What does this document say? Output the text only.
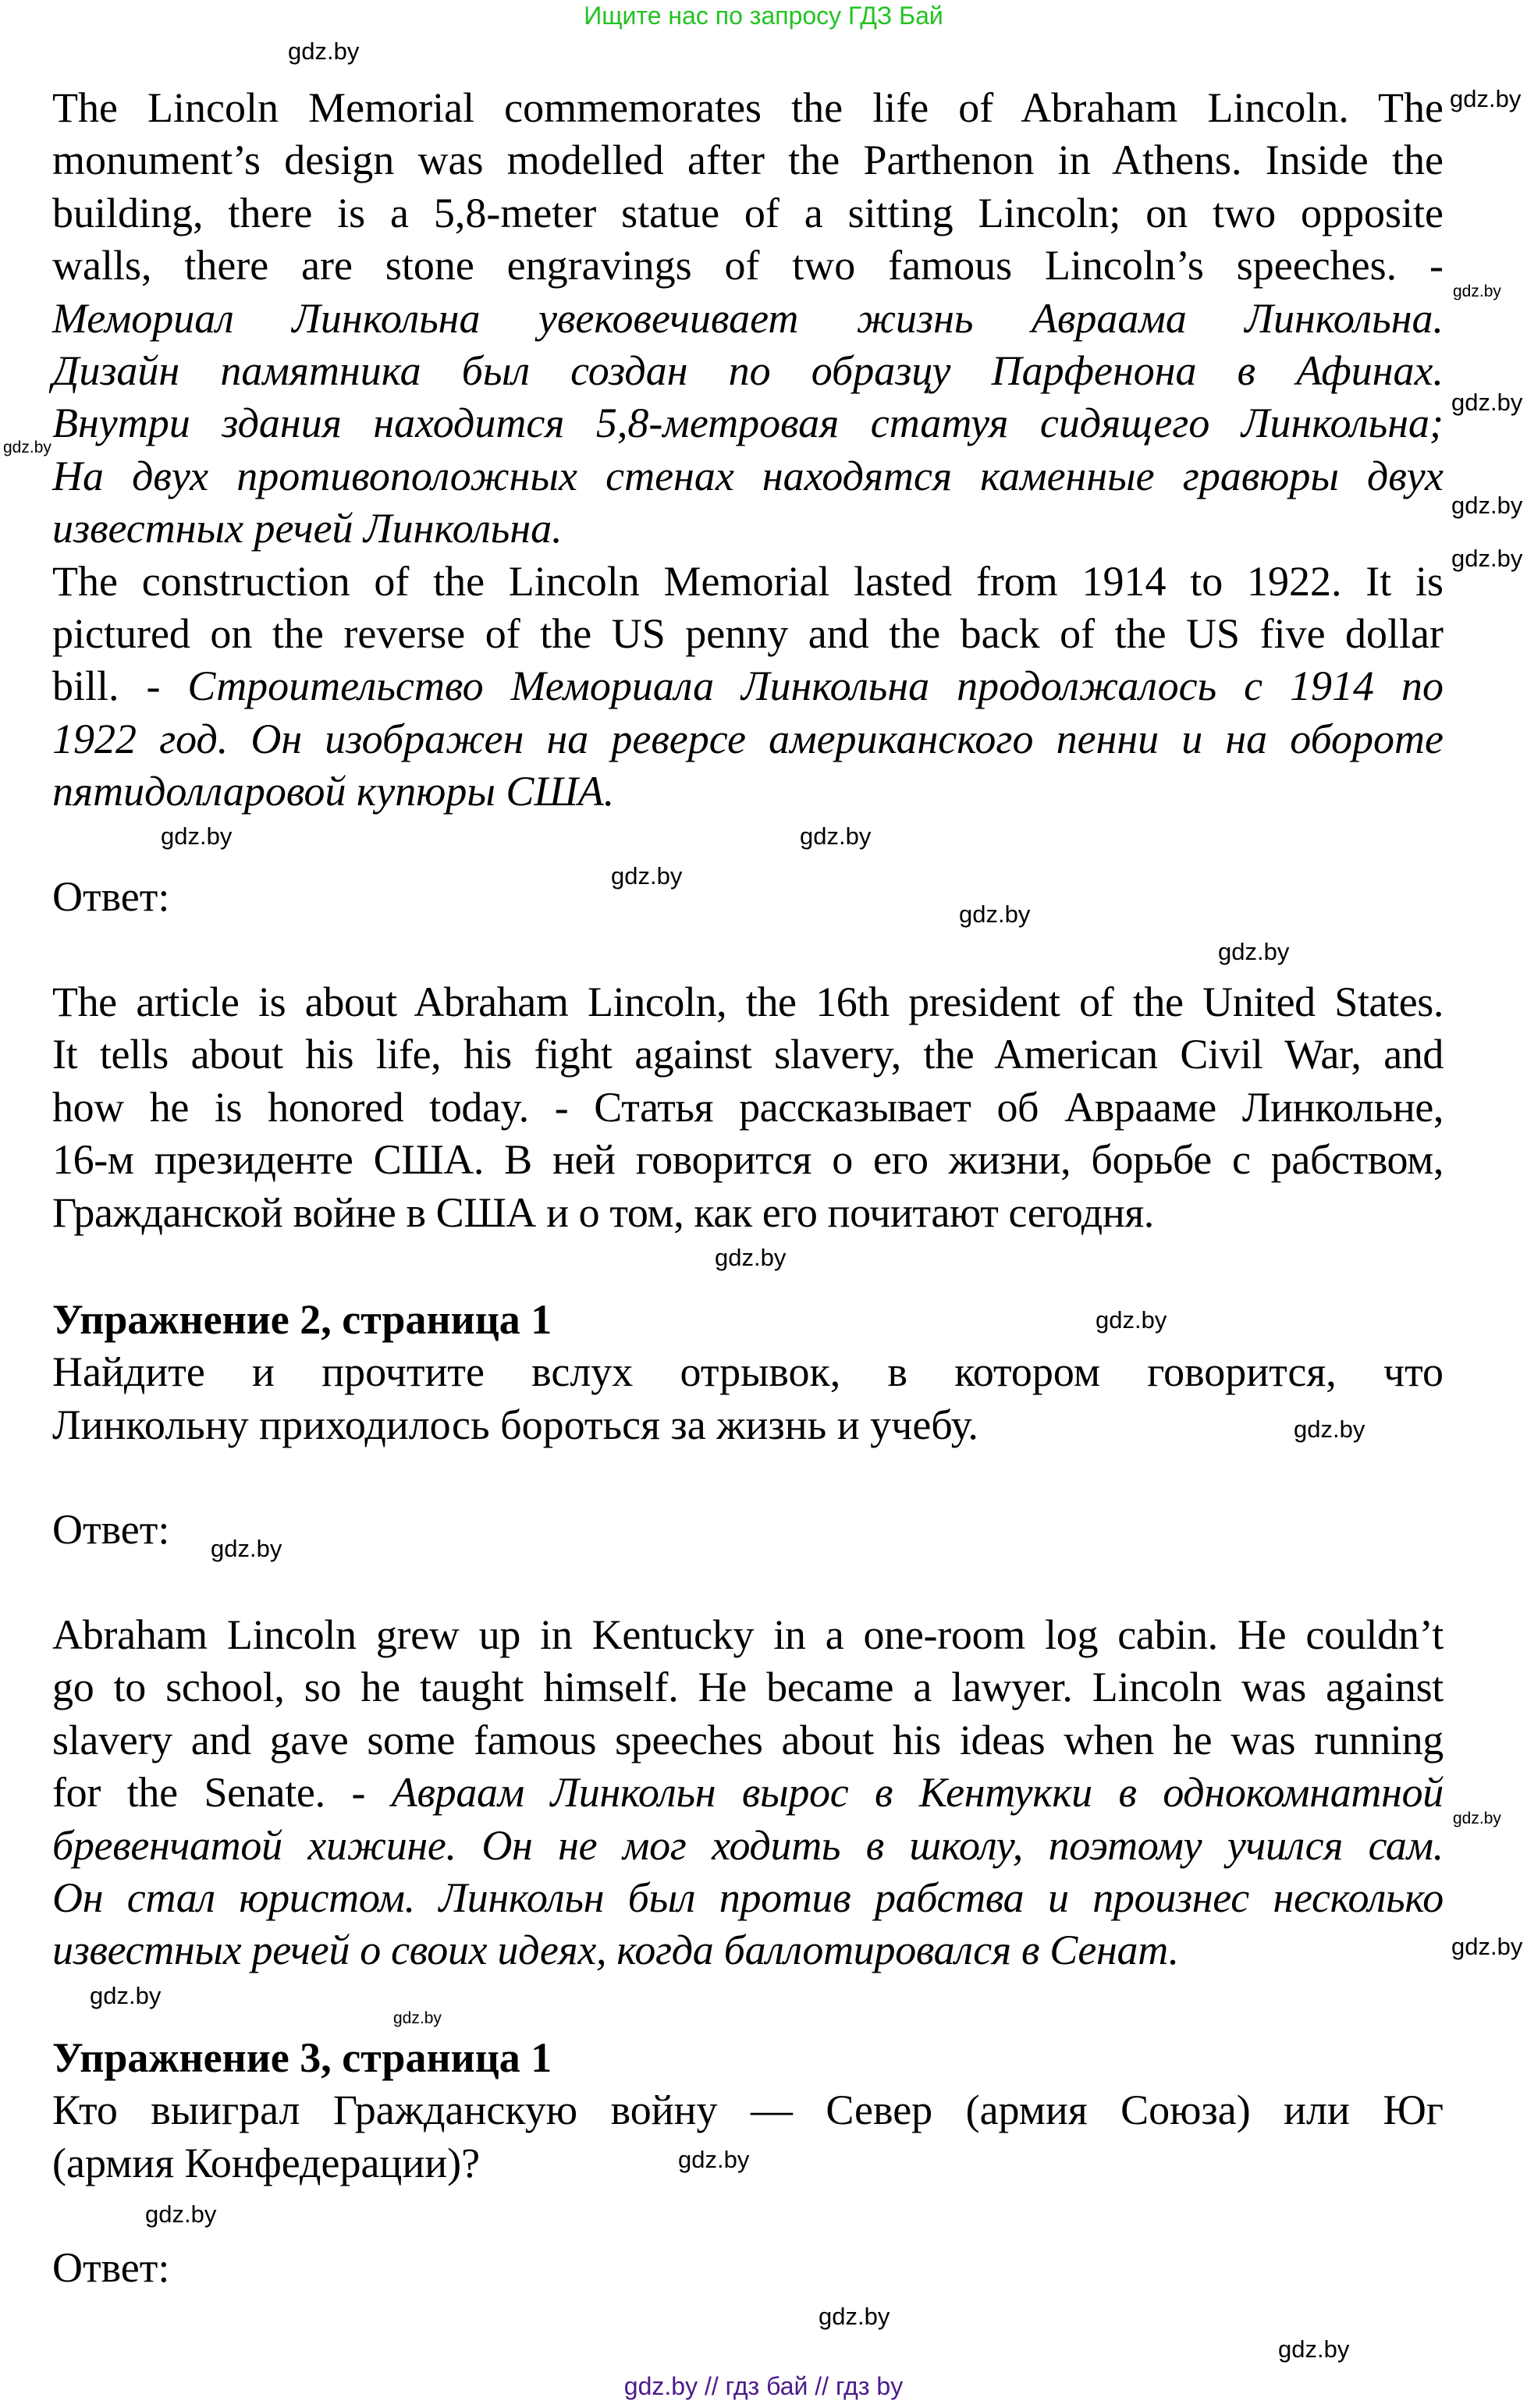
Ищите нас по запросу ГДЗ Бай
The Lincoln Memorial commemorates the life of Abraham Lincoln. The
monument’s design was modelled after the Parthenon in Athens. Inside the
building, there is a 5,8-meter statue of a sitting Lincoln; on two opposite
walls, there are stone engravings of two famous Lincoln’s speeches. -
Мемориал Линкольна увековечивает жизнь Авраама Линкольна.
Дизайн памятника был создан по образцу Парфенона в Афинах.
Внутри здания находится 5,8-метровая статуя сидящего Линкольна;
На двух противоположных стенах находятся каменные гравюры двух
известных речей Линкольна.
The construction of the Lincoln Memorial lasted from 1914 to 1922. It is
pictured on the reverse of the US penny and the back of the US five dollar
bill. - Строительство Мемориала Линкольна продолжалось с 1914 по
1922 год. Он изображен на реверсе американского пенни и на обороте
пятидолларовой купюры США.
Ответ:
The article is about Abraham Lincoln, the 16th president of the United States.
It tells about his life, his fight against slavery, the American Civil War, and
how he is honored today. - Статья рассказывает об Аврааме Линкольне,
16-м президенте США. В ней говорится о его жизни, борьбе с рабством,
Гражданской войне в США и о том, как его почитают сегодня.
Упражнение 2, страница 1
Найдите и прочтите вслух отрывок, в котором говорится, что
Линкольну приходилось бороться за жизнь и учебу.
Ответ:
Abraham Lincoln grew up in Kentucky in a one-room log cabin. He couldn’t
go to school, so he taught himself. He became a lawyer. Lincoln was against
slavery and gave some famous speeches about his ideas when he was running
for the Senate. - Авраам Линкольн вырос в Кентукки в однокомнатной
бревенчатой хижине. Он не мог ходить в школу, поэтому учился сам.
Он стал юристом. Линкольн был против рабства и произнес несколько
известных речей о своих идеях, когда баллотировался в Сенат.
Упражнение 3, страница 1
Кто выиграл Гражданскую войну — Север (армия Союза) или Юг
(армия Конфедерации)?
Ответ:
gdz.by
gdz.by
gdz.by
gdz.by
gdz.by
gdz.by
gdz.by
gdz.by
gdz.by
gdz.by
gdz.by
gdz.by
gdz.by
gdz.by
gdz.by
gdz.by
gdz.by
gdz.by
gdz.by
gdz.by
gdz.by
gdz.by
gdz.by
gdz.by
gdz.by // гдз бай // гдз by
